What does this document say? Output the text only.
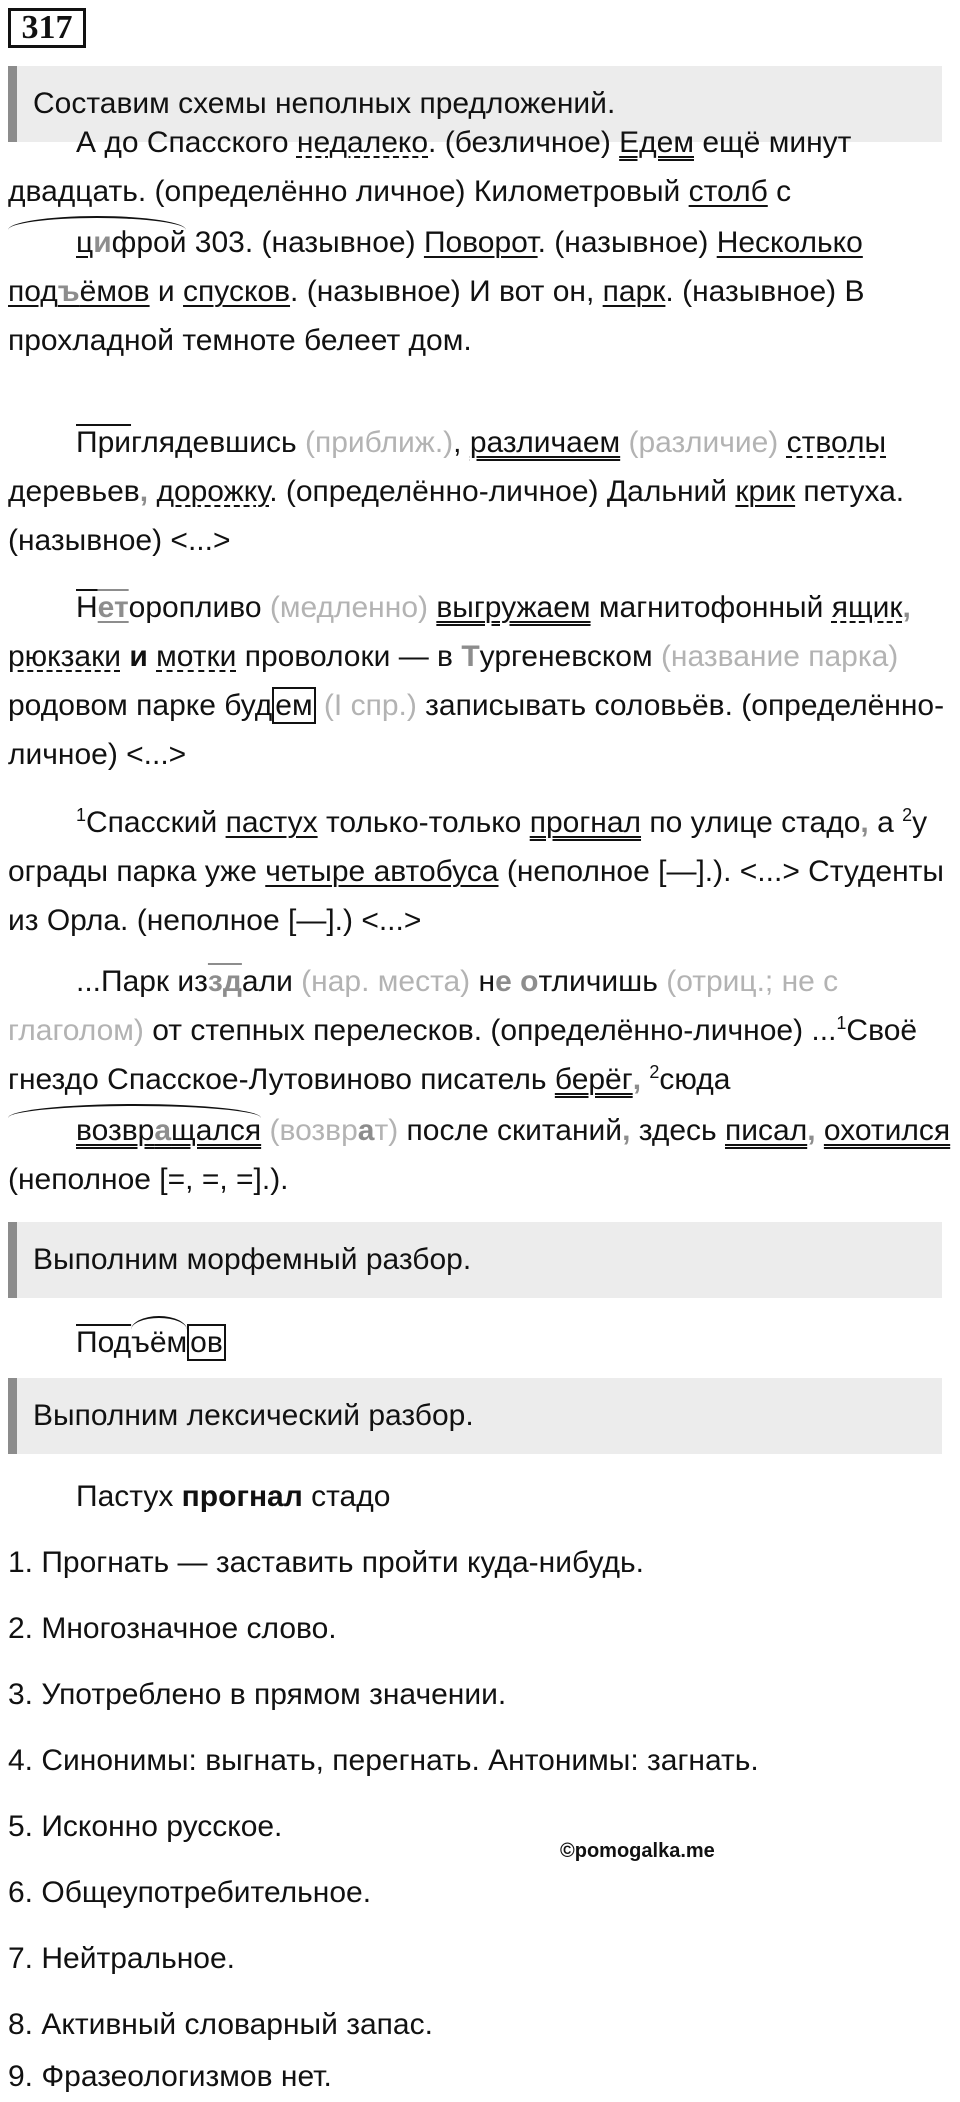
317
Составим схемы неполных предложений.
А до Спасского недалеко. (безличное) Едем ещё минут двадцать. (определённо личное) Километровый столб с цифрой 303. (назывное) Поворот. (назывное) Несколько подъёмов и спусков. (назывное) И вот он, парк. (назывное) В прохладной темноте белеет дом.
Приглядевшись (приближ.), различаем (различие) стволы деревьев, дорожку. (определённо-личное) Дальний крик петуха. (назывное) <...>
Неторопливо (медленно) выгружаем магнитофонный ящик, рюкзаки и мотки проволоки — в Тургеневском (название парка) родовом парке буд ем (I спр.) записывать соловьёв. (определённо-личное) <...>
$^1$Спасский пастух только-только прогнал по улице стадо, а $^2$у ограды парка уже четыре автобуса (неполное [—].). <...> Студенты из Орла. (неполное [—].) <...>
...Парк изздали (нар. места) не отличишь (отриц.; не с глаголом) от степных перелесков. (определённо-личное) ...$^1$Своё гнездо Спасское-Лутовиново писатель берёг, $^2$сюда возвращался (возврат) после скитаний, здесь писал, охотился (неполное [=, =, =].).
Выполним морфемный разбор.
Подъём ов
Выполним лексический разбор.
Пастух прогнал стадо
1. Прогнать — заставить пройти куда-нибудь.
2. Многозначное слово.
3. Употреблено в прямом значении.
4. Синонимы: выгнать, перегнать. Антонимы: загнать.
5. Исконно русское.
6. Общеупотребительное.
7. Нейтральное.
8. Активный словарный запас.
9. Фразеологизмов нет.
©pomogalka.me
